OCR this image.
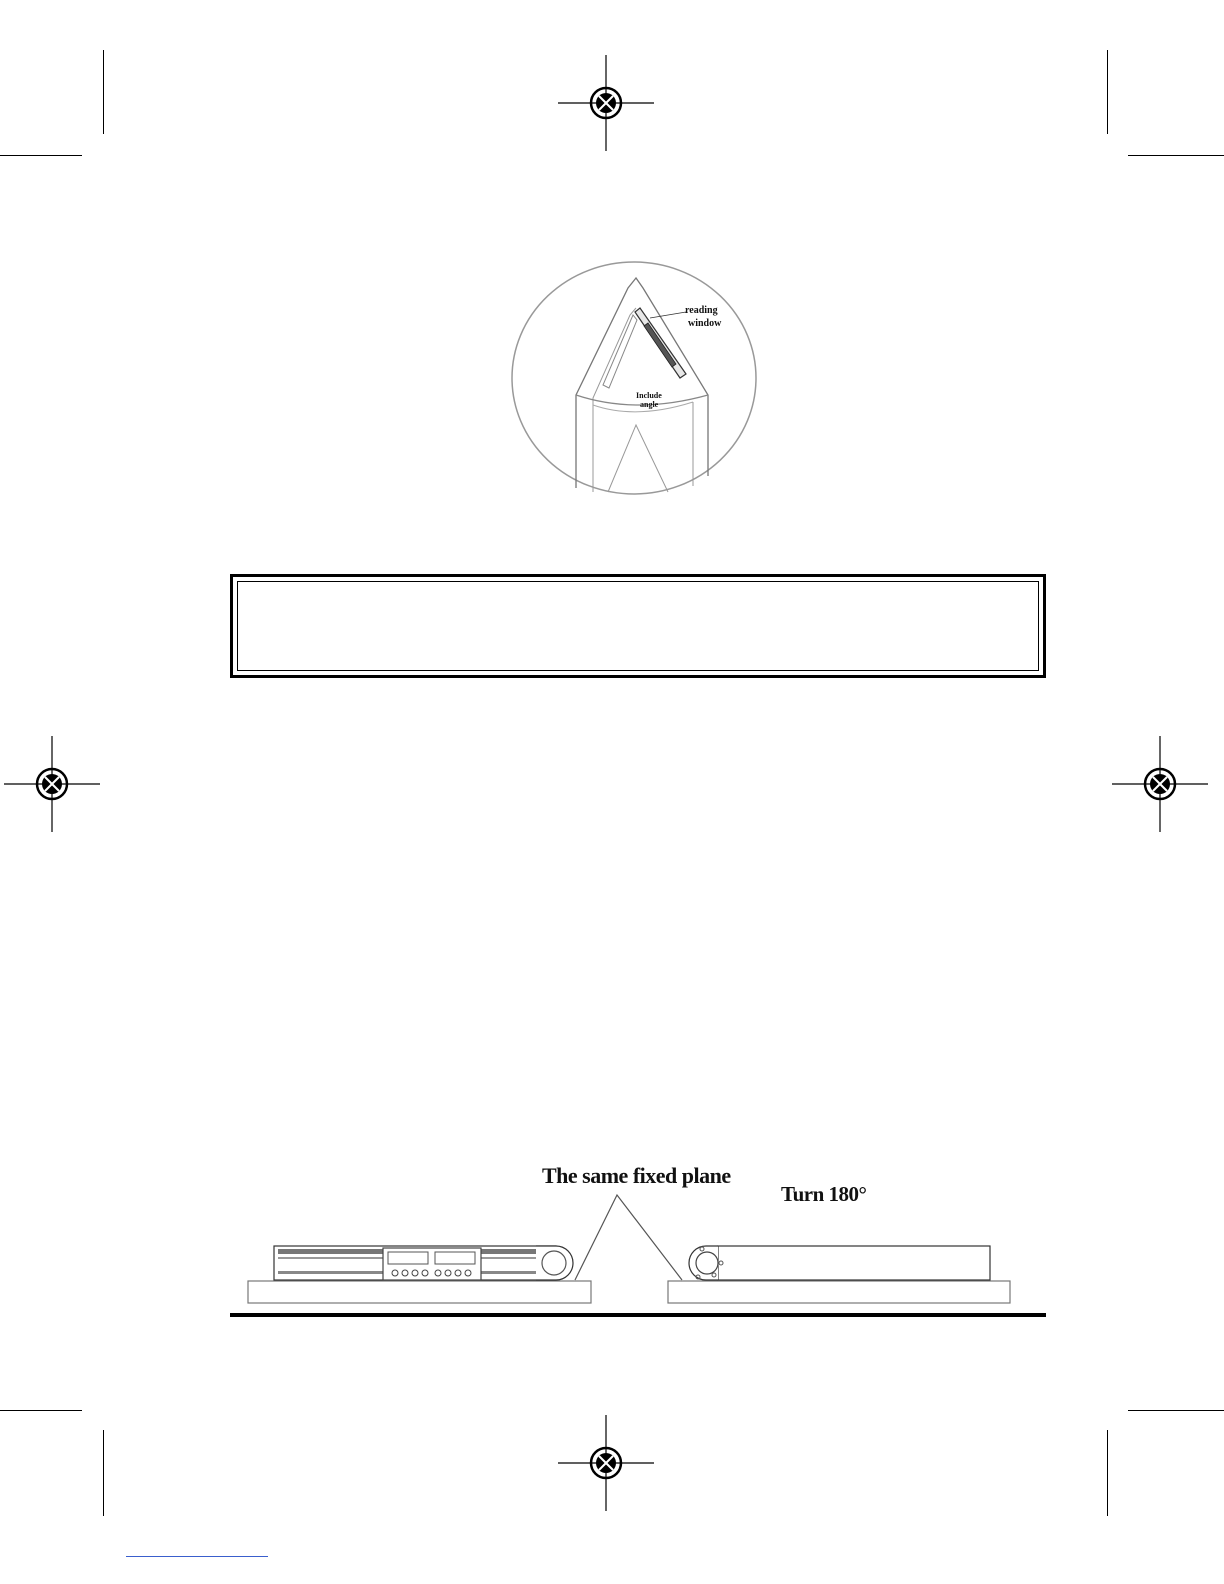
reading
window
Include
angle
The same fixed plane
Turn 180°
